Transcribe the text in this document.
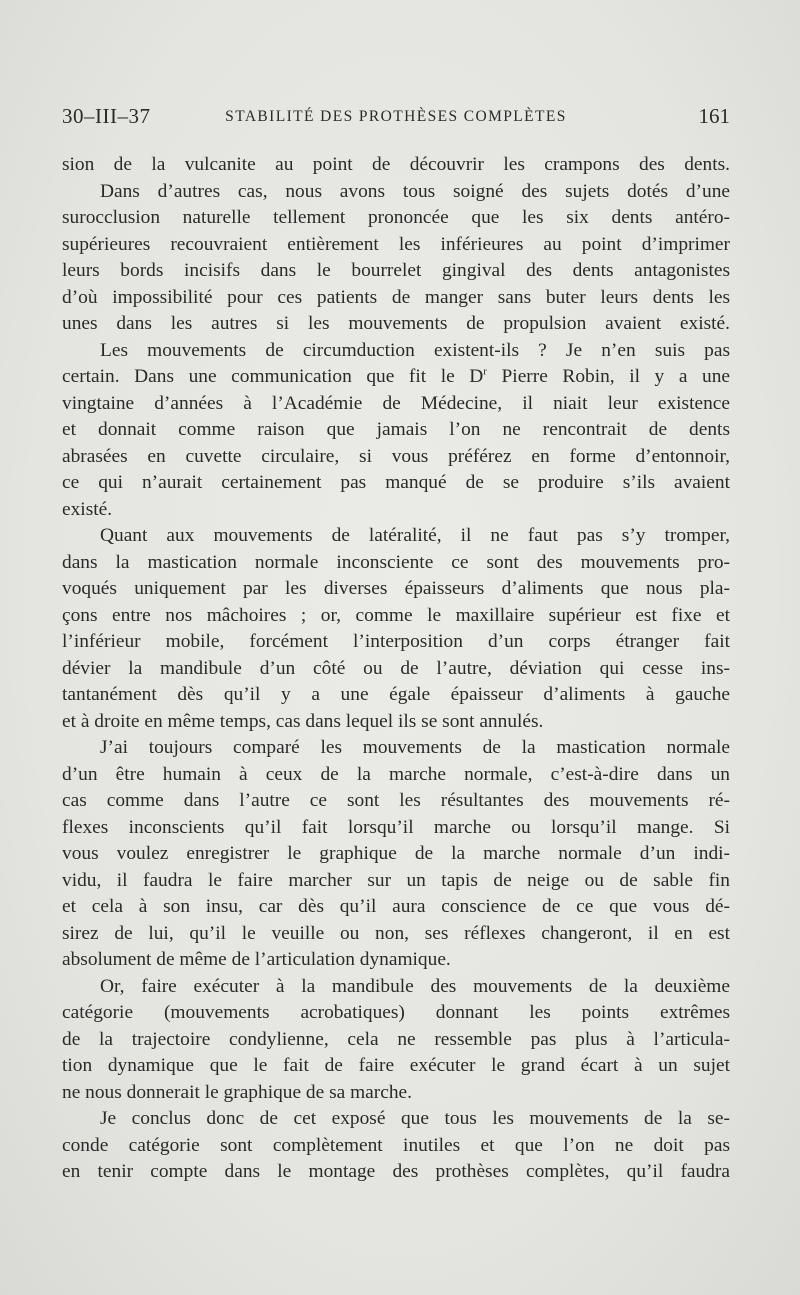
30–III–37	STABILITÉ DES PROTHÈSES COMPLÈTES	161
sion de la vulcanite au point de découvrir les crampons des dents.
Dans d’autres cas, nous avons tous soigné des sujets dotés d’une
surocclusion naturelle tellement prononcée que les six dents antéro-
supérieures recouvraient entièrement les inférieures au point d’imprimer
leurs bords incisifs dans le bourrelet gingival des dents antagonistes
d’où impossibilité pour ces patients de manger sans buter leurs dents les
unes dans les autres si les mouvements de propulsion avaient existé.
Les mouvements de circumduction existent-ils ? Je n’en suis pas
certain. Dans une communication que fit le $D^r$ Pierre Robin, il y a une
vingtaine d’années à l’Académie de Médecine, il niait leur existence
et donnait comme raison que jamais l’on ne rencontrait de dents
abrasées en cuvette circulaire, si vous préférez en forme d’entonnoir,
ce qui n’aurait certainement pas manqué de se produire s’ils avaient
existé.
Quant aux mouvements de latéralité, il ne faut pas s’y tromper,
dans la mastication normale inconsciente ce sont des mouvements pro-
voqués uniquement par les diverses épaisseurs d’aliments que nous pla-
çons entre nos mâchoires ; or, comme le maxillaire supérieur est fixe et
l’inférieur mobile, forcément l’interposition d’un corps étranger fait
dévier la mandibule d’un côté ou de l’autre, déviation qui cesse ins-
tantanément dès qu’il y a une égale épaisseur d’aliments à gauche
et à droite en même temps, cas dans lequel ils se sont annulés.
J’ai toujours comparé les mouvements de la mastication normale
d’un être humain à ceux de la marche normale, c’est-à-dire dans un
cas comme dans l’autre ce sont les résultantes des mouvements ré-
flexes inconscients qu’il fait lorsqu’il marche ou lorsqu’il mange. Si
vous voulez enregistrer le graphique de la marche normale d’un indi-
vidu, il faudra le faire marcher sur un tapis de neige ou de sable fin
et cela à son insu, car dès qu’il aura conscience de ce que vous dé-
sirez de lui, qu’il le veuille ou non, ses réflexes changeront, il en est
absolument de même de l’articulation dynamique.
Or, faire exécuter à la mandibule des mouvements de la deuxième
catégorie (mouvements acrobatiques) donnant les points extrêmes
de la trajectoire condylienne, cela ne ressemble pas plus à l’articula-
tion dynamique que le fait de faire exécuter le grand écart à un sujet
ne nous donnerait le graphique de sa marche.
Je conclus donc de cet exposé que tous les mouvements de la se-
conde catégorie sont complètement inutiles et que l’on ne doit pas
en tenir compte dans le montage des prothèses complètes, qu’il faudra
